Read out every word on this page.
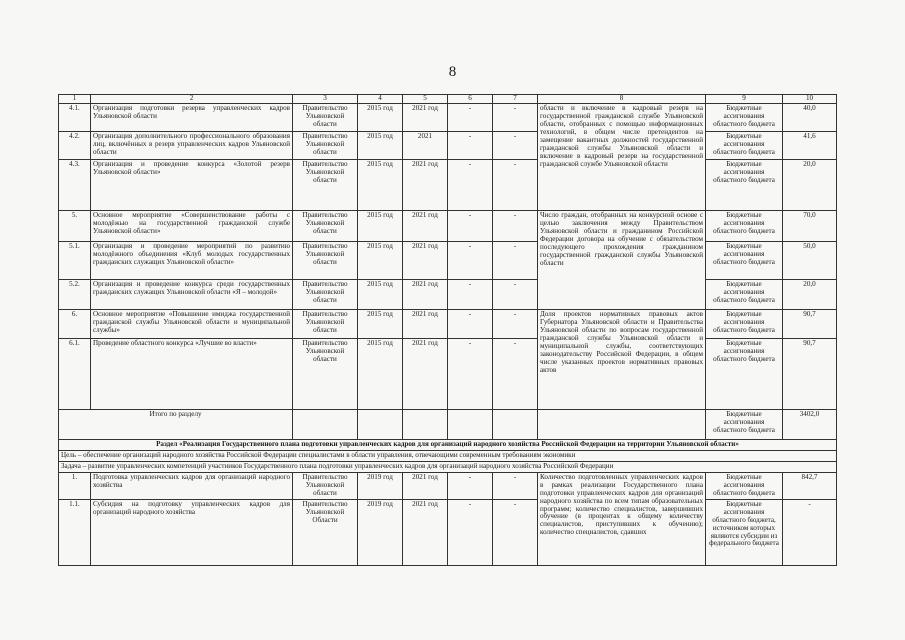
8
1	2	3	4	5	6	7	8	9	10
4.1.	Организация подготовки резерва управленческих кадров Ульяновской области	Правительство Ульяновской области	2015 год	2021 год	-	-	области и включение в кадровый резерв на государственной гражданской службе Ульяновской области, отобранных с помощью информационных технологий, в общем числе претендентов на замещение вакантных должностей государственной гражданской службы Ульяновской области и включение в кадровый резерв на государственной гражданской службе Ульяновской области	Бюджетные ассигнования областного бюджета	40,0
4.2.	Организация дополнительного профессионального образования лиц, включённых в резерв управленческих кадров Ульяновской области	Правительство Ульяновской области	2015 год	2021	-	-		Бюджетные ассигнования областного бюджета	41,6
4.3.	Организация и проведение конкурса «Золотой резерв Ульяновской области»	Правительство Ульяновской области	2015 год	2021 год	-	-		Бюджетные ассигнования областного бюджета	20,0
5.	Основное мероприятие «Совершенствование работы с молодёжью на государственной гражданской службе Ульяновской области»	Правительство Ульяновской области	2015 год	2021 год	-	-	Число граждан, отобранных на конкурсной основе с целью заключения между Правительством Ульяновской области и гражданином Российской Федерации договора на обучение с обязательством последующего прохождения гражданином государственной гражданской службы Ульяновской области	Бюджетные ассигнования областного бюджета	70,0
5.1.	Организация и проведение мероприятий по развитию молодёжного объединения «Клуб молодых государственных гражданских служащих Ульяновской области»	Правительство Ульяновской области	2015 год	2021 год	-	-		Бюджетные ассигнования областного бюджета	50,0
5.2.	Организация и проведение конкурса среди государственных гражданских служащих Ульяновской области «Я – молодой»	Правительство Ульяновской области	2015 год	2021 год	-	-		Бюджетные ассигнования областного бюджета	20,0
6.	Основное мероприятие «Повышение имиджа государственной гражданской службы Ульяновской области и муниципальной службы»	Правительство Ульяновской области	2015 год	2021 год	-	-	Доля проектов нормативных правовых актов Губернатора Ульяновской области и Правительства Ульяновской области по вопросам государственной гражданской службы Ульяновской области и муниципальной службы, соответствующих законодательству Российской Федерации, в общем числе указанных проектов нормативных правовых актов	Бюджетные ассигнования областного бюджета	90,7
6.1.	Проведение областного конкурса «Лучшие во власти»	Правительство Ульяновской области	2015 год	2021 год	-	-		Бюджетные ассигнования областного бюджета	90,7
Итого по разделу								Бюджетные ассигнования областного бюджета	3402,0
Раздел «Реализация Государственного плана подготовки управленческих кадров для организаций народного хозяйства Российской Федерации на территории Ульяновской области»									
Цель – обеспечение организаций народного хозяйства Российской Федерации специалистами в области управления, отвечающими современным требованиям экономики									
Задача – развитие управленческих компетенций участников Государственного плана подготовки управленческих кадров для организаций народного хозяйства Российской Федерации									
1.	Подготовка управленческих кадров для организаций народного хозяйства	Правительство Ульяновской области	2019 год	2021 год	-	-	Количество подготовленных управленческих кадров в рамках реализации Государственного плана подготовки управленческих кадров для организаций народного хозяйства по всем типам образовательных программ; количество специалистов, завершивших обучение (в процентах к общему количеству специалистов, приступивших к обучению); количество специалистов, сдавших	Бюджетные ассигнования областного бюджета	842,7
1.1.	Субсидия на подготовку управленческих кадров для организаций народного хозяйства	Правительство Ульяновской Области	2019 год	2021 год	-	-		Бюджетные ассигнования областного бюджета, источником которых являются субсидии из федерального бюджета	-
